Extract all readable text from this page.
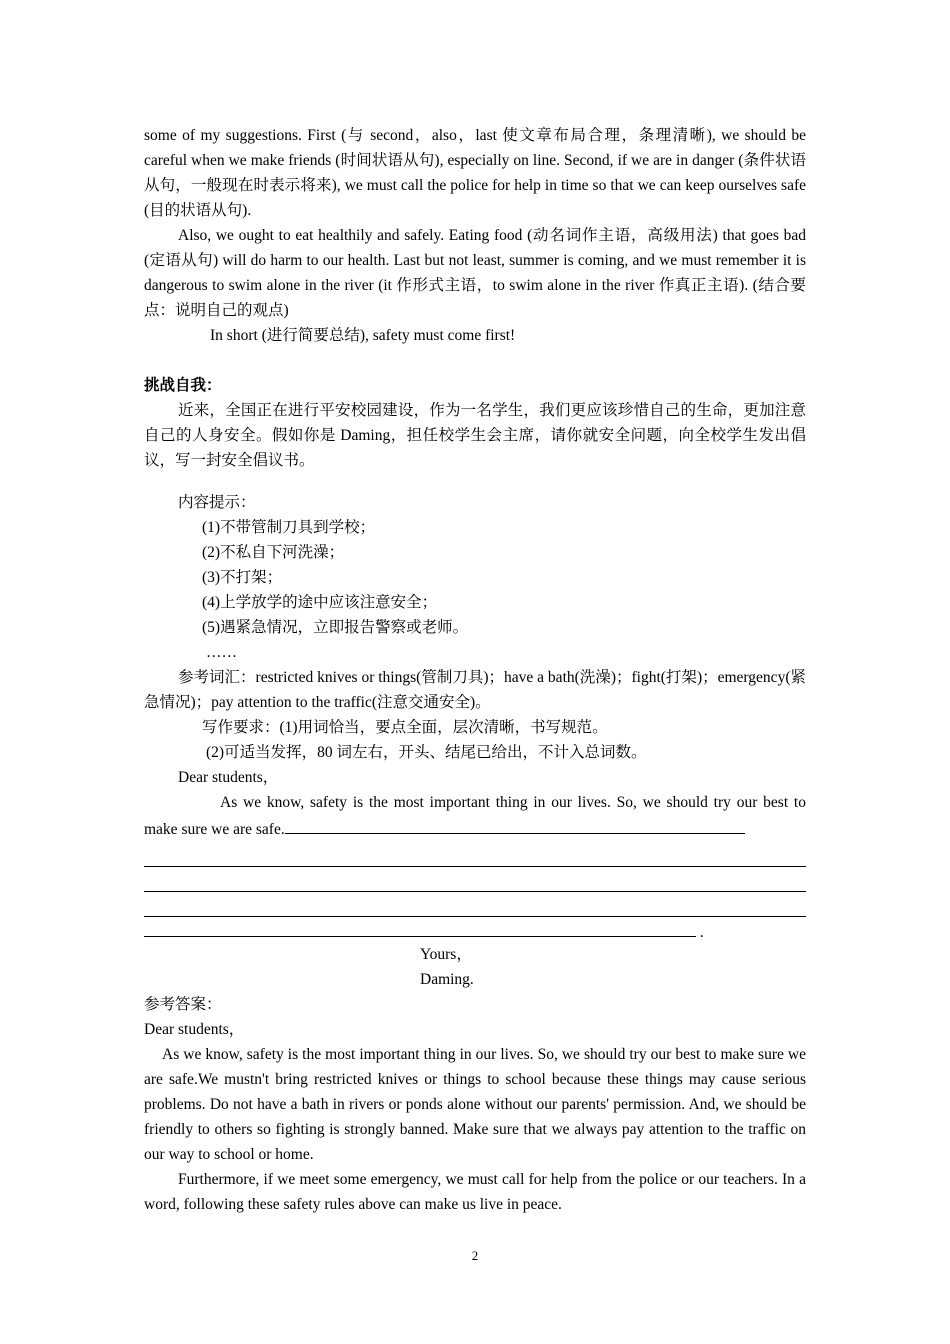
some of my suggestions. First (与 second，also，last 使文章布局合理，条理清晰), we should be careful when we make friends (时间状语从句), especially on line. Second, if we are in danger (条件状语从句，一般现在时表示将来), we must call the police for help in time so that we can keep ourselves safe (目的状语从句).

Also, we ought to eat healthily and safely. Eating food (动名词作主语，高级用法) that goes bad (定语从句) will do harm to our health. Last but not least, summer is coming, and we must remember it is dangerous to swim alone in the river (it 作形式主语，to swim alone in the river 作真正主语). (结合要点：说明自己的观点)

In short (进行简要总结), safety must come first!

挑战自我：

近来，全国正在进行平安校园建设，作为一名学生，我们更应该珍惜自己的生命，更加注意自己的人身安全。假如你是 Daming，担任校学生会主席，请你就安全问题，向全校学生发出倡议，写一封安全倡议书。

内容提示：

(1)不带管制刀具到学校；

(2)不私自下河洗澡；

(3)不打架；

(4)上学放学的途中应该注意安全；

(5)遇紧急情况，立即报告警察或老师。

……

参考词汇：restricted knives or things(管制刀具)；have a bath(洗澡)；fight(打架)；emergency(紧急情况)；pay attention to the traffic(注意交通安全)。

写作要求：(1)用词恰当，要点全面，层次清晰，书写规范。

(2)可适当发挥，80 词左右，开头、结尾已给出，不计入总词数。

Dear students，

As we know, safety is the most important thing in our lives. So, we should try our best to make sure we are safe.

.

Yours，

Daming.

参考答案：

Dear students，

As we know, safety is the most important thing in our lives. So, we should try our best to make sure we are safe.We mustn't bring restricted knives or things to school because these things may cause serious problems. Do not have a bath in rivers or ponds alone without our parents' permission. And, we should be friendly to others so fighting is strongly banned. Make sure that we always pay attention to the traffic on our way to school or home.

Furthermore, if we meet some emergency, we must call for help from the police or our teachers. In a word, following these safety rules above can make us live in peace.

2
